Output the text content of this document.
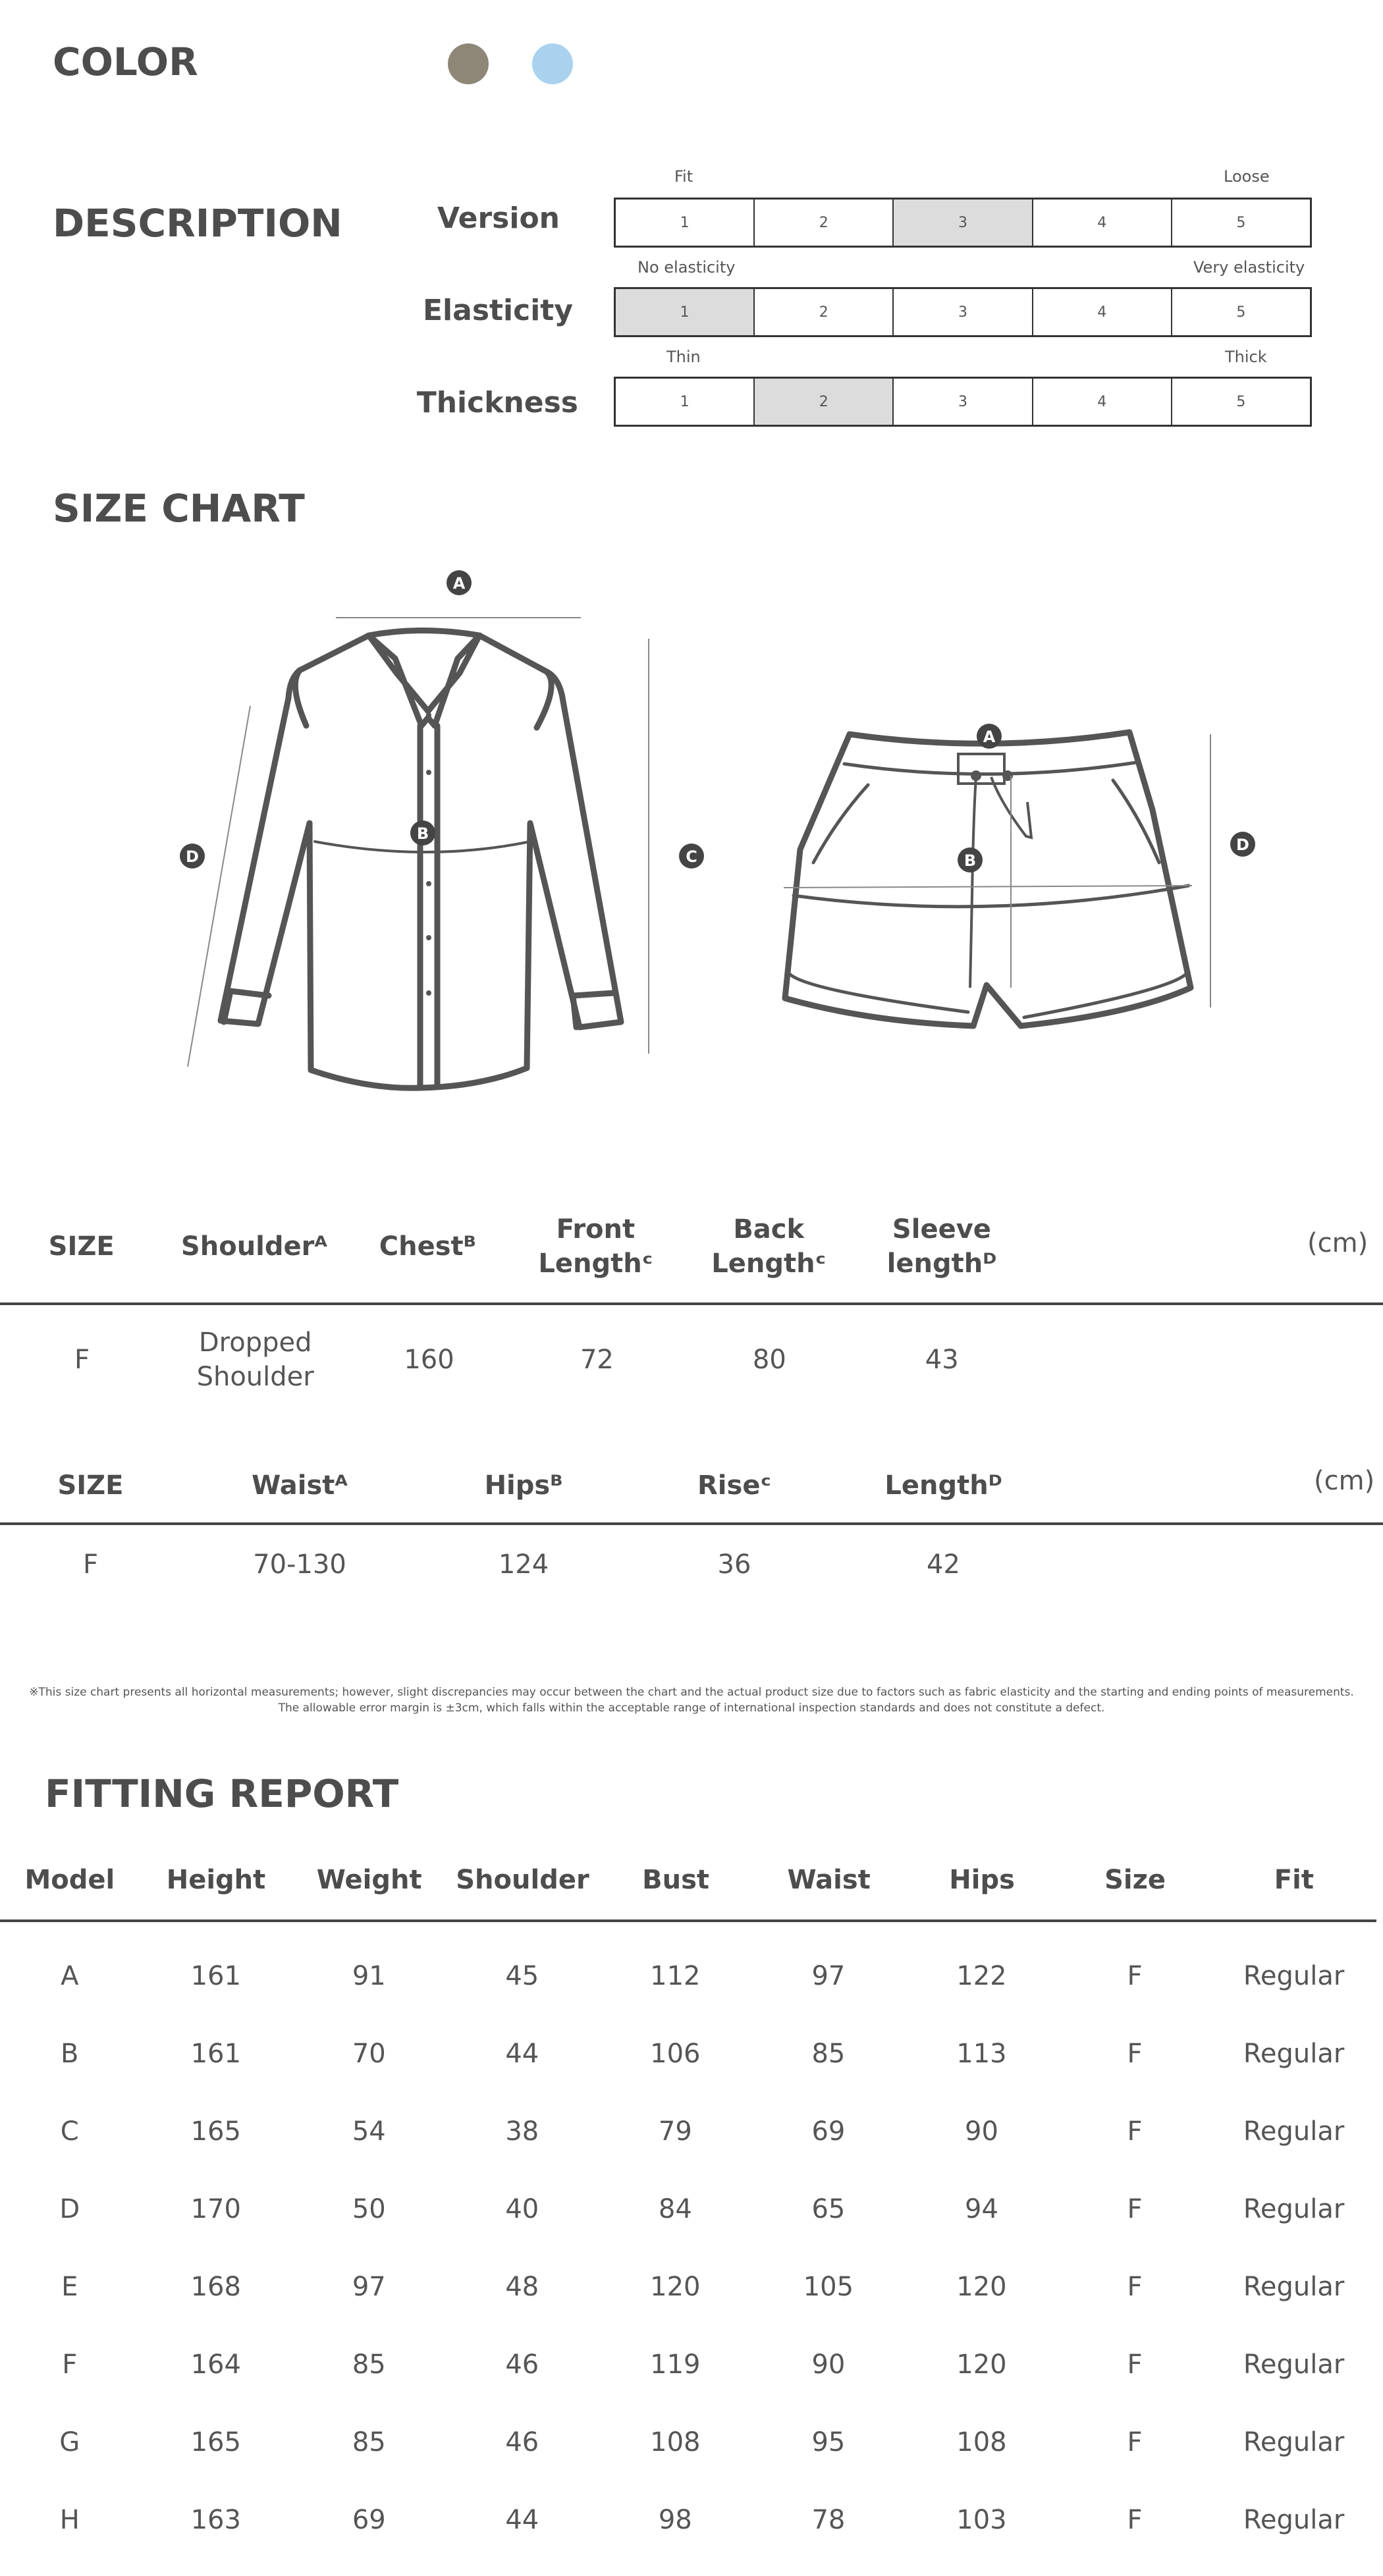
COLOR
DESCRIPTION
Fit	Loose
Version	1	2	3	4	5
No elasticity	Very elasticity
Elasticity	1	2	3	4	5
Thin	Thick
Thickness	1	2	3	4	5
SIZE CHART
A
B
C
D
A
B
D
SIZE	Shoulderᴬ	Chestᴮ	Front Lengthᶜ	Back Lengthᶜ	Sleeve lengthᴰ
(cm)
F	Dropped Shoulder	160	72	80	43
SIZE	Waistᴬ	Hipsᴮ	Riseᶜ	Lengthᴰ	(cm)
F	70-130	124	36	42
※This size chart presents all horizontal measurements; however, slight discrepancies may occur between the chart and the actual product size due to factors such as fabric elasticity and the starting and ending points of measurements.
The allowable error margin is ±3cm, which falls within the acceptable range of international inspection standards and does not constitute a defect.
FITTING REPORT
Model	Height	Weight	Shoulder	Bust	Waist	Hips	Size	Fit
A	161	91	45	112	97	122	F	Regular
B	161	70	44	106	85	113	F	Regular
C	165	54	38	79	69	90	F	Regular
D	170	50	40	84	65	94	F	Regular
E	168	97	48	120	105	120	F	Regular
F	164	85	46	119	90	120	F	Regular
G	165	85	46	108	95	108	F	Regular
H	163	69	44	98	78	103	F	Regular
